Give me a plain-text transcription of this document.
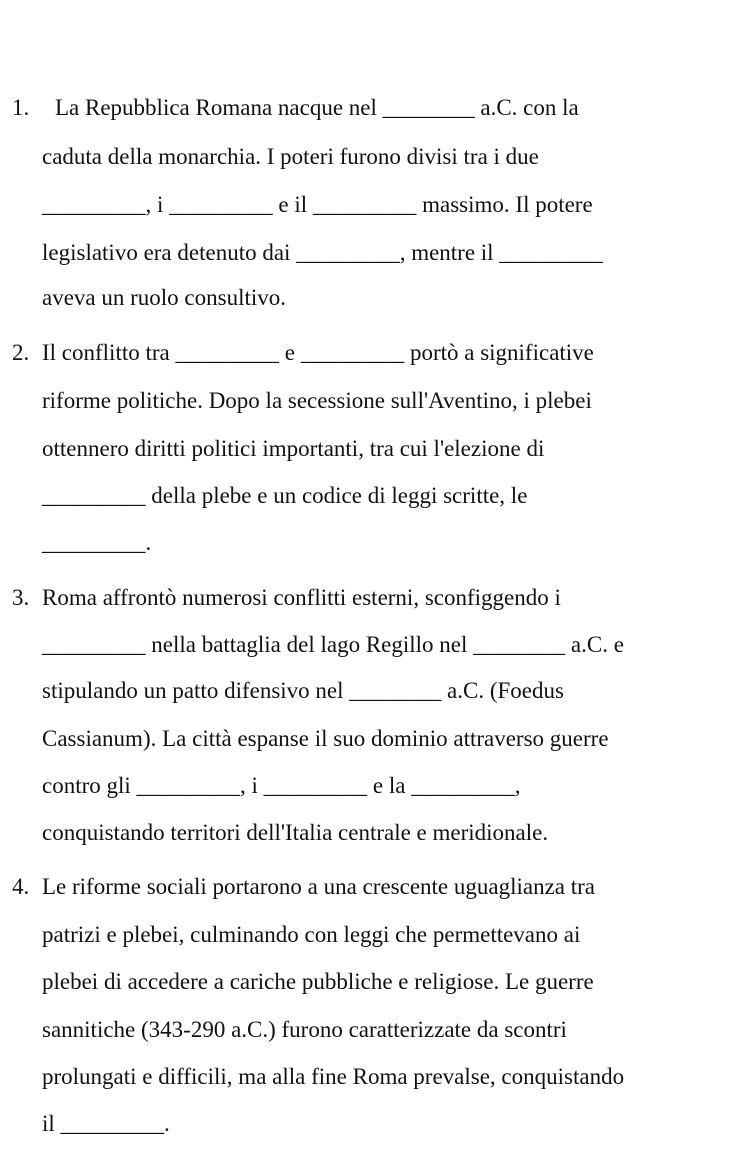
1. La Repubblica Romana nacque nel ________ a.C. con la
caduta della monarchia. I poteri furono divisi tra i due
_________, i _________ e il _________ massimo. Il potere
legislativo era detenuto dai _________, mentre il _________
aveva un ruolo consultivo.
2. Il conflitto tra _________ e _________ portò a significative
riforme politiche. Dopo la secessione sull'Aventino, i plebei
ottennero diritti politici importanti, tra cui l'elezione di
_________ della plebe e un codice di leggi scritte, le
_________.
3. Roma affrontò numerosi conflitti esterni, sconfiggendo i
_________ nella battaglia del lago Regillo nel ________ a.C. e
stipulando un patto difensivo nel ________ a.C. (Foedus
Cassianum). La città espanse il suo dominio attraverso guerre
contro gli _________, i _________ e la _________,
conquistando territori dell'Italia centrale e meridionale.
4. Le riforme sociali portarono a una crescente uguaglianza tra
patrizi e plebei, culminando con leggi che permettevano ai
plebei di accedere a cariche pubbliche e religiose. Le guerre
sannitiche (343-290 a.C.) furono caratterizzate da scontri
prolungati e difficili, ma alla fine Roma prevalse, conquistando
il _________.
